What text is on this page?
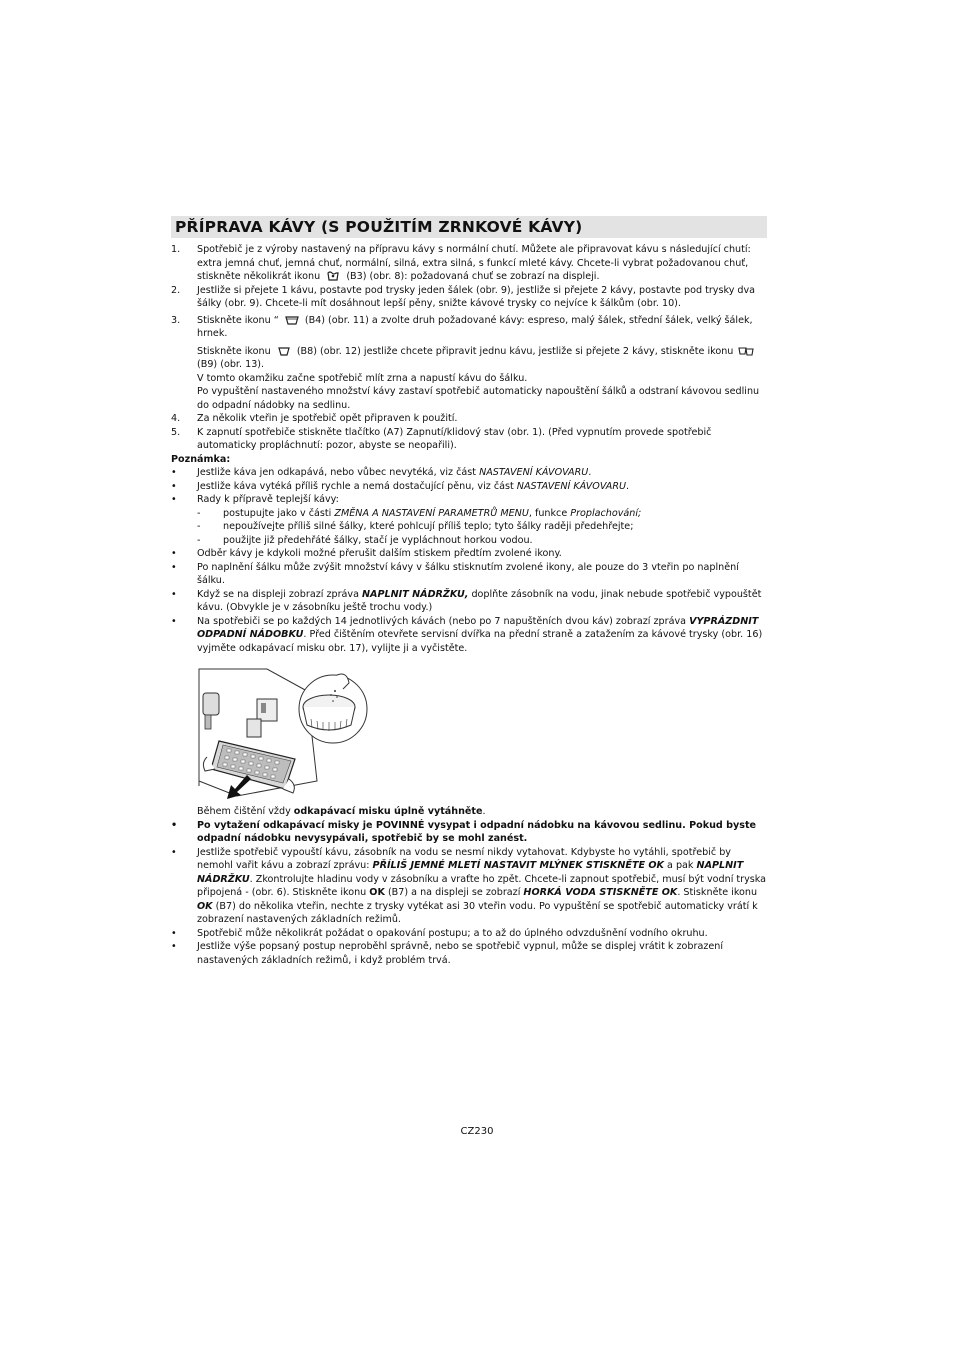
PŘÍPRAVA KÁVY (S POUŽITÍM ZRNKOVÉ KÁVY)
1.	Spotřebič je z výroby nastavený na přípravu kávy s normální chutí. Můžete ale připravovat kávu s následující chutí: extra jemná chuť, jemná chuť, normální, silná, extra silná, s funkcí mleté kávy. Chcete-li vybrat požadovanou chuť, stiskněte několikrát ikonu	(B3) (obr. 8): požadovaná chuť se zobrazí na displeji.
2.	Jestliže si přejete 1 kávu, postavte pod trysky jeden šálek (obr. 9), jestliže si přejete 2 kávy, postavte pod trysky dva šálky (obr. 9). Chcete-li mít dosáhnout lepší pěny, snižte kávové trysky co nejvíce k šálkům (obr. 10).
3.	Stiskněte ikonu “	(B4) (obr. 11) a zvolte druh požadované kávy: espreso, malý šálek, střední šálek, velký šálek, hrnek.
Stiskněte ikonu	(B8) (obr. 12) jestliže chcete připravit jednu kávu, jestliže si přejete 2 kávy, stiskněte ikonu
(B9) (obr. 13).
V tomto okamžiku začne spotřebič mlít zrna a napustí kávu do šálku.
Po vypuštění nastaveného množství kávy zastaví spotřebič automaticky napouštění šálků a odstraní kávovou sedlinu do odpadní nádobky na sedlinu.
4.	Za několik vteřin je spotřebič opět připraven k použití.
5.	K zapnutí spotřebiče stiskněte tlačítko (A7) Zapnutí/klidový stav (obr. 1). (Před vypnutím provede spotřebič automaticky propláchnutí: pozor, abyste se neopařili).
Poznámka:
•	Jestliže káva jen odkapává, nebo vůbec nevytéká, viz část NASTAVENÍ KÁVOVARU.
•	Jestliže káva vytéká příliš rychle a nemá dostačující pěnu, viz část NASTAVENÍ KÁVOVARU.
•	Rady k přípravě teplejší kávy:
- postupujte jako v části ZMĚNA A NASTAVENÍ PARAMETRŮ MENU, funkce Proplachování;
- nepoužívejte příliš silné šálky, které pohlcují příliš teplo; tyto šálky raději předehřejte;
- použijte již předehřáté šálky, stačí je vypláchnout horkou vodou.
•	Odběr kávy je kdykoli možné přerušit dalším stiskem předtím zvolené ikony.
•	Po naplnění šálku může zvýšit množství kávy v šálku stisknutím zvolené ikony, ale pouze do 3 vteřin po naplnění šálku.
•	Když se na displeji zobrazí zpráva NAPLNIT NÁDRŽKU, doplňte zásobník na vodu, jinak nebude spotřebič vypouštět kávu. (Obvykle je v zásobníku ještě trochu vody.)
•	Na spotřebiči se po každých 14 jednotlivých kávách (nebo po 7 napuštěních dvou káv) zobrazí zpráva VYPRÁZDNIT ODPADNÍ NÁDOBKU. Před čištěním otevřete servisní dvířka na přední straně a zatažením za kávové trysky (obr. 16) vyjměte odkapávací misku obr. 17), vylijte ji a vyčistěte.
Během čištění vždy odkapávací misku úplně vytáhněte.
•	Po vytažení odkapávací misky je POVINNÉ vysypat i odpadní nádobku na kávovou sedlinu. Pokud byste odpadní nádobku nevysypávali, spotřebič by se mohl zanést.
•	Jestliže spotřebič vypouští kávu, zásobník na vodu se nesmí nikdy vytahovat. Kdybyste ho vytáhli, spotřebič by nemohl vařit kávu a zobrazí zprávu: PŘÍLIŠ JEMNÉ MLETÍ NASTAVIT MLÝNEK STISKNĚTE OK a pak NAPLNIT NÁDRŽKU. Zkontrolujte hladinu vody v zásobníku a vraťte ho zpět. Chcete-li zapnout spotřebič, musí být vodní tryska připojená - (obr. 6). Stiskněte ikonu OK (B7) a na displeji se zobrazí HORKÁ VODA STISKNĚTE OK. Stiskněte ikonu OK (B7) do několika vteřin, nechte z trysky vytékat asi 30 vteřin vodu. Po vypuštění se spotřebič automaticky vrátí k zobrazení nastavených základních režimů.
•	Spotřebič může několikrát požádat o opakování postupu; a to až do úplného odvzdušnění vodního okruhu.
•	Jestliže výše popsaný postup neproběhl správně, nebo se spotřebič vypnul, může se displej vrátit k zobrazení nastavených základních režimů, i když problém trvá.
CZ230
